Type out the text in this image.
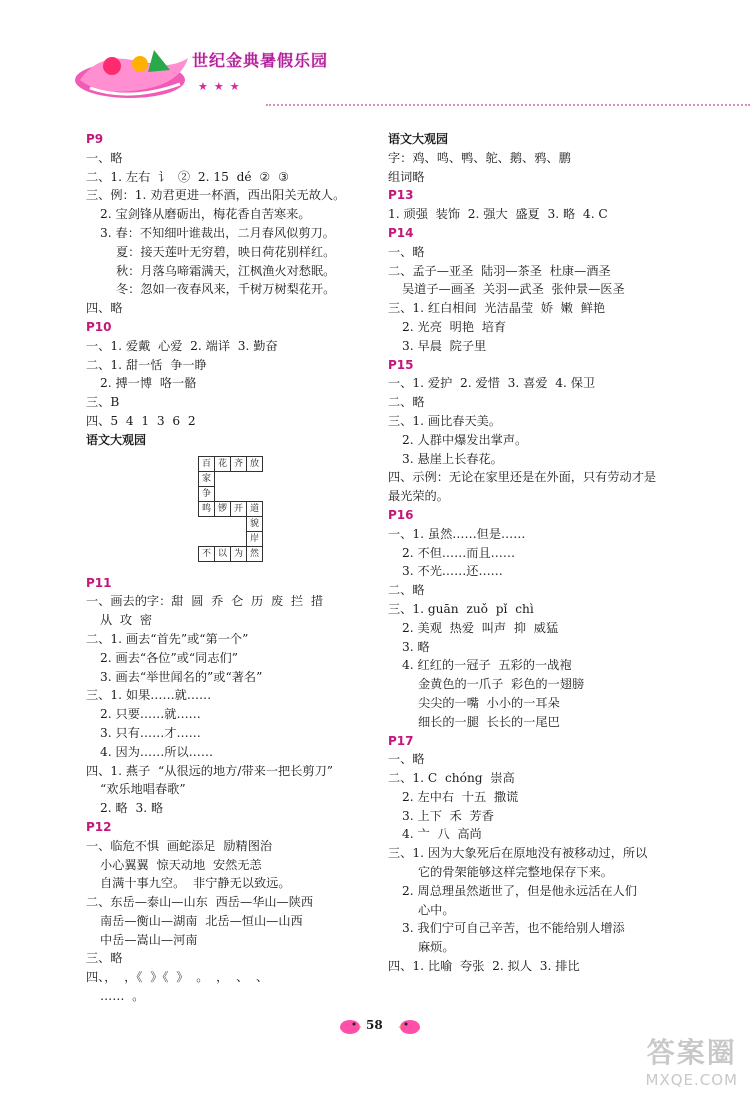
世纪金典暑假乐园
★★★
P9
一、略
二、1. 左右  讠  ②  2. 15  dé  ②  ③
三、例：1. 劝君更进一杯酒，西出阳关无故人。
2. 宝剑锋从磨砺出，梅花香自苦寒来。
3. 春：不知细叶谁裁出，二月春风似剪刀。
夏：接天莲叶无穷碧，映日荷花别样红。
秋：月落乌啼霜满天，江枫渔火对愁眠。
冬：忽如一夜春风来，千树万树梨花开。
四、略
P10
一、1. 爱戴  心爱  2. 端详  3. 勤奋
二、1. 甜一恬  争一睁
2. 搏一博  咯一骼
三、B
四、5  4  1  3  6  2
语文大观园
百 花 齐 放
家
争
鸣 锣 开 道
貌
岸
不 以 为 然
P11
一、画去的字：甜  圆  乔  仑  历  废  拦  措
从  攻  密
二、1. 画去“首先”或“第一个”
2. 画去“各位”或“同志们”
3. 画去“举世闻名的”或“著名”
三、1. 如果……就……
2. 只要……就……
3. 只有……才……
4. 因为……所以……
四、1. 燕子  “从很远的地方/带来一把长剪刀”
“欢乐地唱春歌”
2. 略  3. 略
P12
一、临危不惧  画蛇添足  励精图治
小心翼翼  惊天动地  安然无恙
自满十事九空。  非宁静无以致远。
二、东岳—泰山—山东  西岳—华山—陕西
南岳—衡山—湖南  北岳—恒山—山西
中岳—嵩山—河南
三、略
四、，  ，《  》《  》  。  ，  、  、
……  。
语文大观园
字：鸡、鸣、鸭、鸵、鹅、鸦、鹏
组词略
P13
1. 顽强  装饰  2. 强大  盛夏  3. 略  4. C
P14
一、略
二、孟子—亚圣  陆羽—茶圣  杜康—酒圣
吴道子—画圣  关羽—武圣  张仲景—医圣
三、1. 红白相间  光洁晶莹  娇  嫩  鲜艳
2. 光亮  明艳  培育
3. 早晨  院子里
P15
一、1. 爱护  2. 爱惜  3. 喜爱  4. 保卫
二、略
三、1. 画比春天美。
2. 人群中爆发出掌声。
3. 悬崖上长春花。
四、示例：无论在家里还是在外面，只有劳动才是
最光荣的。
P16
一、1. 虽然……但是……
2. 不但……而且……
3. 不光……还……
二、略
三、1. guān  zuǒ  pǐ  chì
2. 美观  热爱  叫声  抑  威猛
3. 略
4. 红红的一冠子  五彩的一战袍
金黄色的一爪子  彩色的一翅膀
尖尖的一嘴  小小的一耳朵
细长的一腿  长长的一尾巴
P17
一、略
二、1. C  chóng  崇高
2. 左中右  十五  撒谎
3. 上下  禾  芳香
4. 亠  八  高尚
三、1. 因为大象死后在原地没有被移动过，所以
它的骨架能够这样完整地保存下来。
2. 周总理虽然逝世了，但是他永远活在人们
心中。
3. 我们宁可自己辛苦，也不能给别人增添
麻烦。
四、1. 比喻  夸张  2. 拟人  3. 排比
58
答案圈
MXQE.COM
